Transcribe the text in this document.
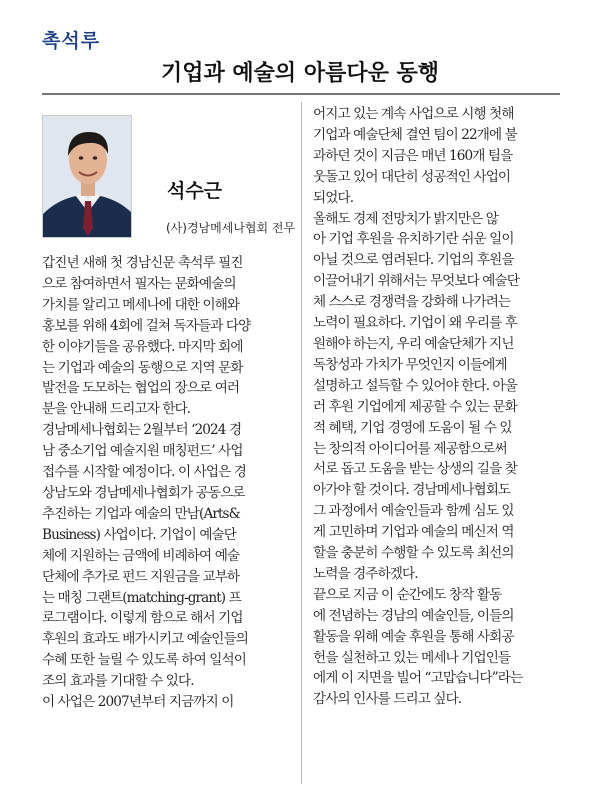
촉석루
기업과 예술의 아름다운 동행
석수근
(사)경남메세나협회 전무

갑진년 새해 첫 경남신문 촉석루 필진

으로 참여하면서 필자는 문화예술의

가치를 알리고 메세나에 대한 이해와

홍보를 위해 4회에 걸쳐 독자들과 다양

한 이야기들을 공유했다. 마지막 회에

는 기업과 예술의 동행으로 지역 문화

발전을 도모하는 협업의 장으로 여러

분을 안내해 드리고자 한다.

경남메세나협회는 2월부터 ‘2024 경

남 중소기업 예술지원 매칭펀드’ 사업

접수를 시작할 예정이다. 이 사업은 경

상남도와 경남메세나협회가 공동으로

추진하는 기업과 예술의 만남(Arts&

Business) 사업이다. 기업이 예술단

체에 지원하는 금액에 비례하여 예술

단체에 추가로 펀드 지원금을 교부하

는 매칭 그랜트(matching-grant) 프

로그램이다. 이렇게 함으로 해서 기업

후원의 효과도 배가시키고 예술인들의

수혜 또한 늘릴 수 있도록 하여 일석이

조의 효과를 기대할 수 있다.

이 사업은 2007년부터 지금까지 이

어지고 있는 계속 사업으로 시행 첫해

기업과 예술단체 결연 팀이 22개에 불

과하던 것이 지금은 매년 160개 팀을

웃돌고 있어 대단히 성공적인 사업이

되었다.

올해도 경제 전망치가 밝지만은 않

아 기업 후원을 유치하기란 쉬운 일이

아닐 것으로 염려된다. 기업의 후원을

이끌어내기 위해서는 무엇보다 예술단

체 스스로 경쟁력을 강화해 나가려는

노력이 필요하다. 기업이 왜 우리를 후

원해야 하는지, 우리 예술단체가 지닌

독창성과 가치가 무엇인지 이들에게

설명하고 설득할 수 있어야 한다. 아울

러 후원 기업에게 제공할 수 있는 문화

적 혜택, 기업 경영에 도움이 될 수 있

는 창의적 아이디어를 제공함으로써

서로 돕고 도움을 받는 상생의 길을 찾

아가야 할 것이다. 경남메세나협회도

그 과정에서 예술인들과 함께 심도 있

게 고민하며 기업과 예술의 메신저 역

할을 충분히 수행할 수 있도록 최선의

노력을 경주하겠다.

끝으로 지금 이 순간에도 창작 활동

에 전념하는 경남의 예술인들, 이들의

활동을 위해 예술 후원을 통해 사회공

헌을 실천하고 있는 메세나 기업인들

에게 이 지면을 빌어 “고맙습니다”라는

감사의 인사를 드리고 싶다.
